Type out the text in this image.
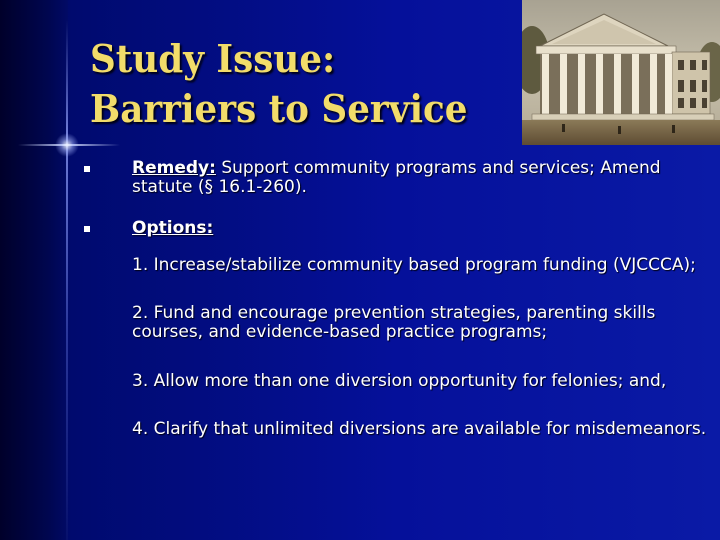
Study Issue:
Barriers to Service
Remedy: Support community programs and services; Amend statute (§ 16.1-260).
Options:
1. Increase/stabilize community based program funding (VJCCCA);
2. Fund and encourage prevention strategies, parenting skills courses, and evidence-based practice programs;
3. Allow more than one diversion opportunity for felonies; and,
4. Clarify that unlimited diversions are available for misdemeanors.
